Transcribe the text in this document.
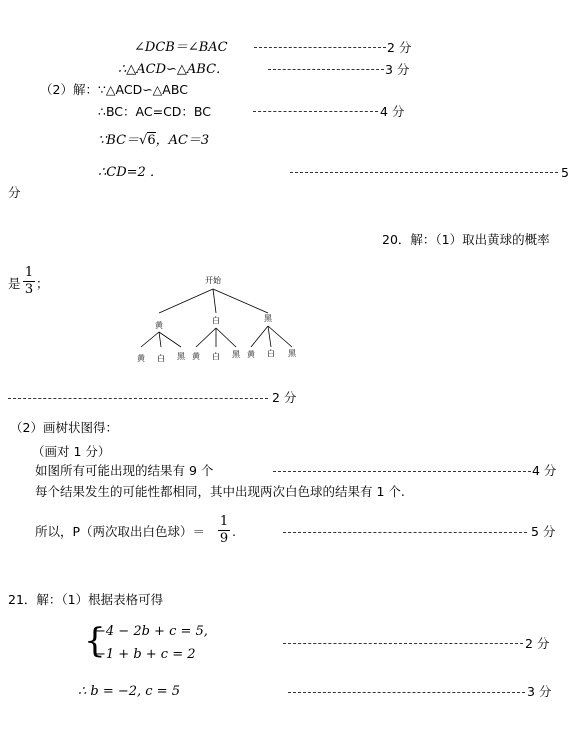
∠DCB＝∠BAC	2 分
∴△ACD∽△ABC．	3 分
（2）解：∵△ACD∽△ABC
∴BC：AC=CD：BC	4 分
∵BC＝√6，AC＝3
∴CD=2 ．	5
分
20．解：（1）取出黄球的概率
是
1
3 ；	开始
黄
白	黑
黄 白 黑 黄 白 黑 黄 白 黑
2 分
（2）画树状图得：
（画对 1 分）
如图所有可能出现的结果有 9 个	4 分
每个结果发生的可能性都相同，其中出现两次白色球的结果有 1 个.
所以，P（两次取出白色球）＝
1
9 .	5 分
21．解：（1）根据表格可得
{
−4 − 2b + c = 5,
−1 + b + c = 2
2 分
∴ b = −2, c = 5	3 分
